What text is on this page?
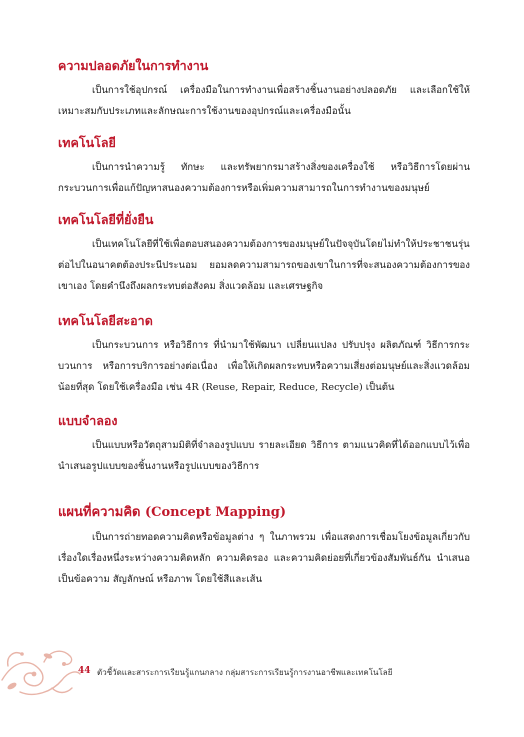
ความปลอดภัยในการทำงาน

เป็นการใช้อุปกรณ์ เครื่องมือในการทำงานเพื่อสร้างชิ้นงานอย่างปลอดภัย และเลือกใช้ให้เหมาะสมกับประเภทและลักษณะการใช้งานของอุปกรณ์และเครื่องมือนั้น

เทคโนโลยี

เป็นการนำความรู้ ทักษะ และทรัพยากรมาสร้างสิ่งของเครื่องใช้ หรือวิธีการโดยผ่านกระบวนการเพื่อแก้ปัญหาสนองความต้องการหรือเพิ่มความสามารถในการทำงานของมนุษย์

เทคโนโลยีที่ยั่งยืน

เป็นเทคโนโลยีที่ใช้เพื่อตอบสนองความต้องการของมนุษย์ในปัจจุบันโดยไม่ทำให้ประชาชนรุ่นต่อไปในอนาคตต้องประนีประนอม ยอมลดความสามารถของเขาในการที่จะสนองความต้องการของเขาเอง โดยคำนึงถึงผลกระทบต่อสังคม สิ่งแวดล้อม และเศรษฐกิจ

เทคโนโลยีสะอาด

เป็นกระบวนการ หรือวิธีการ ที่นำมาใช้พัฒนา เปลี่ยนแปลง ปรับปรุง ผลิตภัณฑ์ วิธีการกระบวนการ หรือการบริการอย่างต่อเนื่อง เพื่อให้เกิดผลกระทบหรือความเสี่ยงต่อมนุษย์และสิ่งแวดล้อมน้อยที่สุด โดยใช้เครื่องมือ เช่น 4R (Reuse, Repair, Reduce, Recycle) เป็นต้น

แบบจำลอง

เป็นแบบหรือวัตถุสามมิติที่จำลองรูปแบบ รายละเอียด วิธีการ ตามแนวคิดที่ได้ออกแบบไว้เพื่อนำเสนอรูปแบบของชิ้นงานหรือรูปแบบของวิธีการ

แผนที่ความคิด (Concept Mapping)

เป็นการถ่ายทอดความคิดหรือข้อมูลต่าง ๆ ในภาพรวม เพื่อแสดงการเชื่อมโยงข้อมูลเกี่ยวกับเรื่องใดเรื่องหนึ่งระหว่างความคิดหลัก ความคิดรอง และความคิดย่อยที่เกี่ยวข้องสัมพันธ์กัน นำเสนอเป็นข้อความ สัญลักษณ์ หรือภาพ โดยใช้สีและเส้น

44 ตัวชี้วัดและสาระการเรียนรู้แกนกลาง กลุ่มสาระการเรียนรู้การงานอาชีพและเทคโนโลยี
